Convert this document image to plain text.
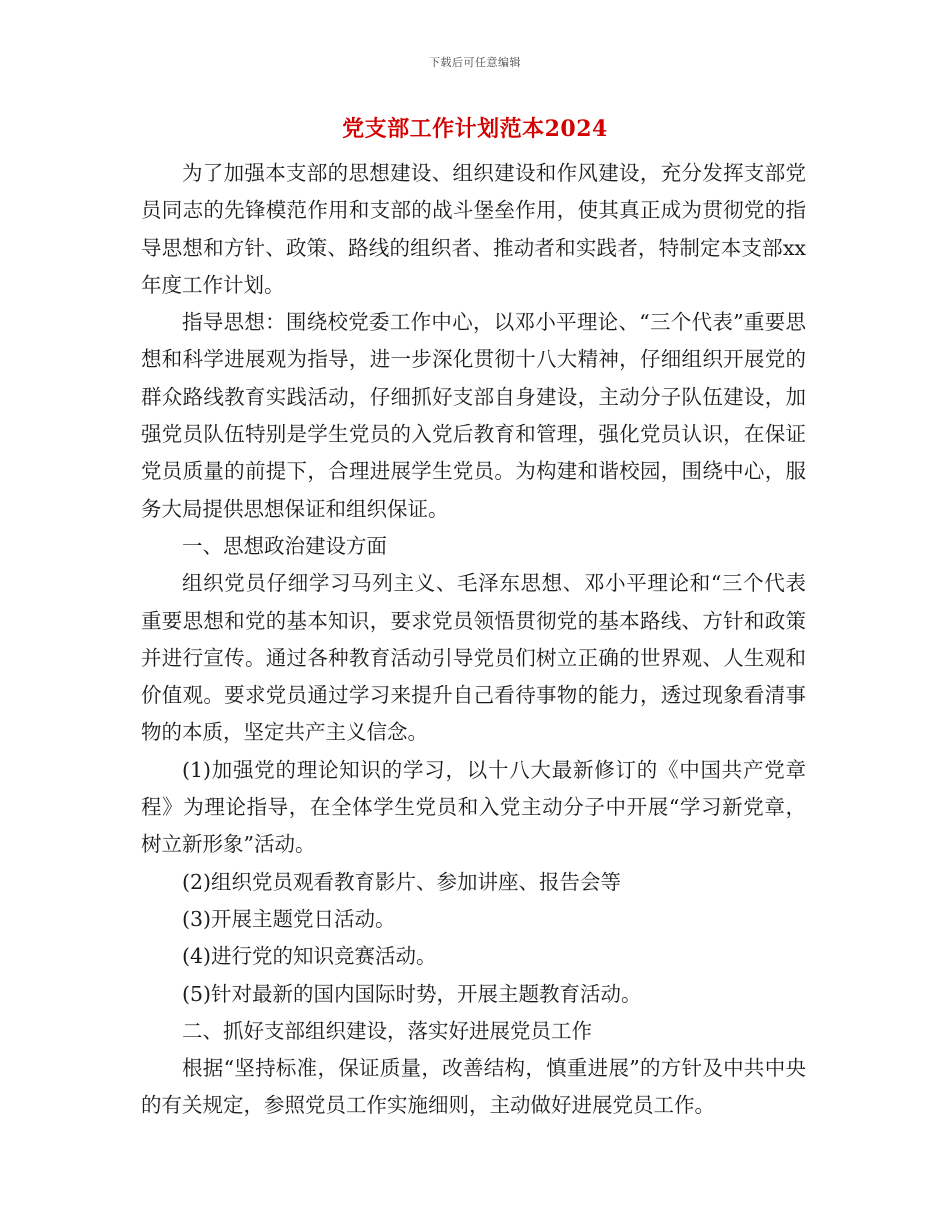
下载后可任意编辑
党支部工作计划范本2024

为了加强本支部的思想建设、组织建设和作风建设，充分发挥支部党员同志的先锋模范作用和支部的战斗堡垒作用，使其真正成为贯彻党的指导思想和方针、政策、路线的组织者、推动者和实践者，特制定本支部xx年度工作计划。

指导思想：围绕校党委工作中心，以邓小平理论、“三个代表”重要思想和科学进展观为指导，进一步深化贯彻十八大精神，仔细组织开展党的群众路线教育实践活动，仔细抓好支部自身建设，主动分子队伍建设，加强党员队伍特别是学生党员的入党后教育和管理，强化党员认识，在保证党员质量的前提下，合理进展学生党员。为构建和谐校园，围绕中心，服务大局提供思想保证和组织保证。

一、思想政治建设方面

组织党员仔细学习马列主义、毛泽东思想、邓小平理论和“三个代表重要思想和党的基本知识，要求党员领悟贯彻党的基本路线、方针和政策并进行宣传。通过各种教育活动引导党员们树立正确的世界观、人生观和价值观。要求党员通过学习来提升自己看待事物的能力，透过现象看清事物的本质，坚定共产主义信念。

(1)加强党的理论知识的学习，以十八大最新修订的《中国共产党章程》为理论指导，在全体学生党员和入党主动分子中开展“学习新党章，树立新形象”活动。

(2)组织党员观看教育影片、参加讲座、报告会等

(3)开展主题党日活动。

(4)进行党的知识竞赛活动。

(5)针对最新的国内国际时势，开展主题教育活动。

二、抓好支部组织建设，落实好进展党员工作

根据“坚持标准，保证质量，改善结构，慎重进展”的方针及中共中央的有关规定，参照党员工作实施细则，主动做好进展党员工作。
